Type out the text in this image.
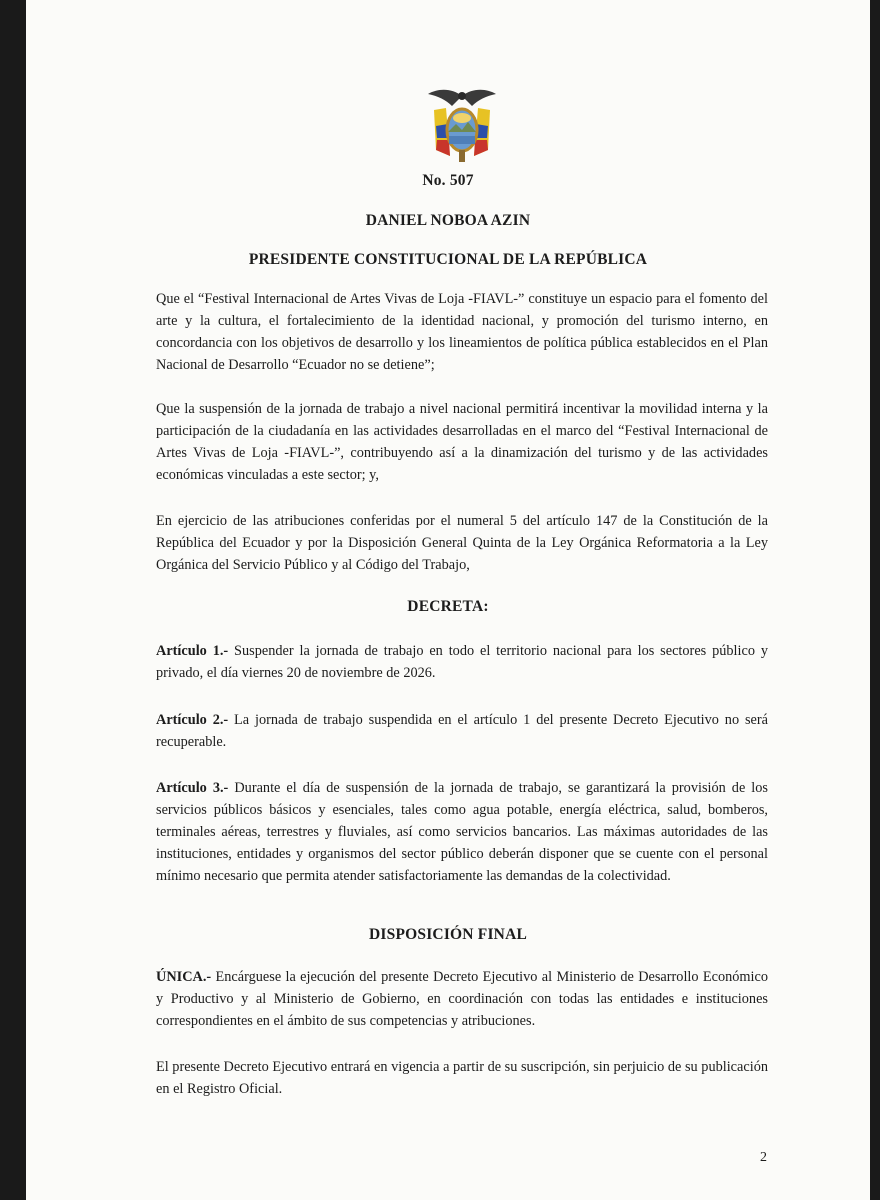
No. 507
DANIEL NOBOA AZIN
PRESIDENTE CONSTITUCIONAL DE LA REPÚBLICA

Que el “Festival Internacional de Artes Vivas de Loja -FIAVL-” constituye un espacio para el fomento del arte y la cultura, el fortalecimiento de la identidad nacional, y promoción del turismo interno, en concordancia con los objetivos de desarrollo y los lineamientos de política pública establecidos en el Plan Nacional de Desarrollo “Ecuador no se detiene”;

Que la suspensión de la jornada de trabajo a nivel nacional permitirá incentivar la movilidad interna y la participación de la ciudadanía en las actividades desarrolladas en el marco del “Festival Internacional de Artes Vivas de Loja -FIAVL-”, contribuyendo así a la dinamización del turismo y de las actividades económicas vinculadas a este sector; y,

En ejercicio de las atribuciones conferidas por el numeral 5 del artículo 147 de la Constitución de la República del Ecuador y por la Disposición General Quinta de la Ley Orgánica Reformatoria a la Ley Orgánica del Servicio Público y al Código del Trabajo,

DECRETA:

Artículo 1.- Suspender la jornada de trabajo en todo el territorio nacional para los sectores público y privado, el día viernes 20 de noviembre de 2026.

Artículo 2.- La jornada de trabajo suspendida en el artículo 1 del presente Decreto Ejecutivo no será recuperable.

Artículo 3.- Durante el día de suspensión de la jornada de trabajo, se garantizará la provisión de los servicios públicos básicos y esenciales, tales como agua potable, energía eléctrica, salud, bomberos, terminales aéreas, terrestres y fluviales, así como servicios bancarios. Las máximas autoridades de las instituciones, entidades y organismos del sector público deberán disponer que se cuente con el personal mínimo necesario que permita atender satisfactoriamente las demandas de la colectividad.

DISPOSICIÓN FINAL

ÚNICA.- Encárguese la ejecución del presente Decreto Ejecutivo al Ministerio de Desarrollo Económico y Productivo y al Ministerio de Gobierno, en coordinación con todas las entidades e instituciones correspondientes en el ámbito de sus competencias y atribuciones.

El presente Decreto Ejecutivo entrará en vigencia a partir de su suscripción, sin perjuicio de su publicación en el Registro Oficial.

2
